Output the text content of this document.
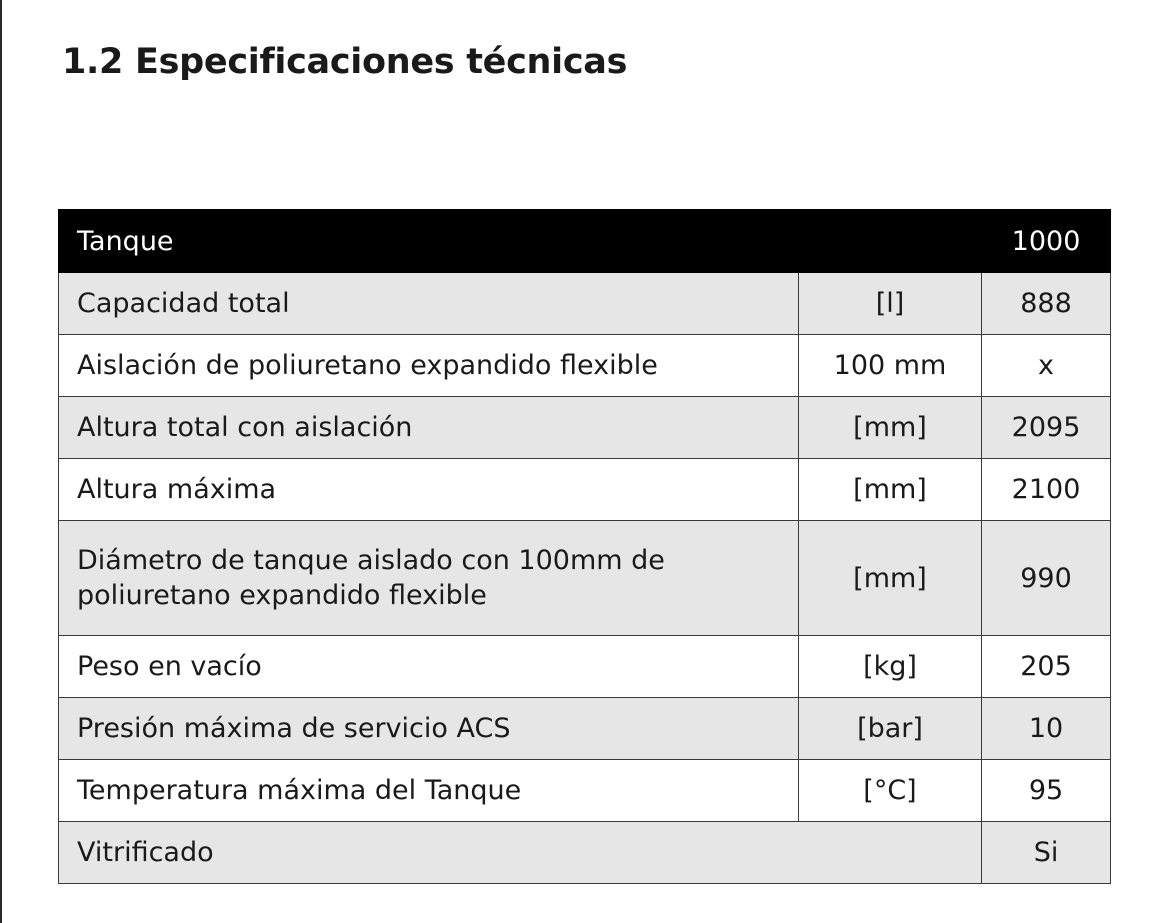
1.2 Especificaciones técnicas
Tanque		1000
Capacidad total	[l]	888
Aislación de poliuretano expandido flexible	100 mm	x
Altura total con aislación	[mm]	2095
Altura máxima	[mm]	2100
Diámetro de tanque aislado con 100mm de poliuretano expandido flexible	[mm]	990
Peso en vacío	[kg]	205
Presión máxima de servicio ACS	[bar]	10
Temperatura máxima del Tanque	[°C]	95
Vitrificado		Si
